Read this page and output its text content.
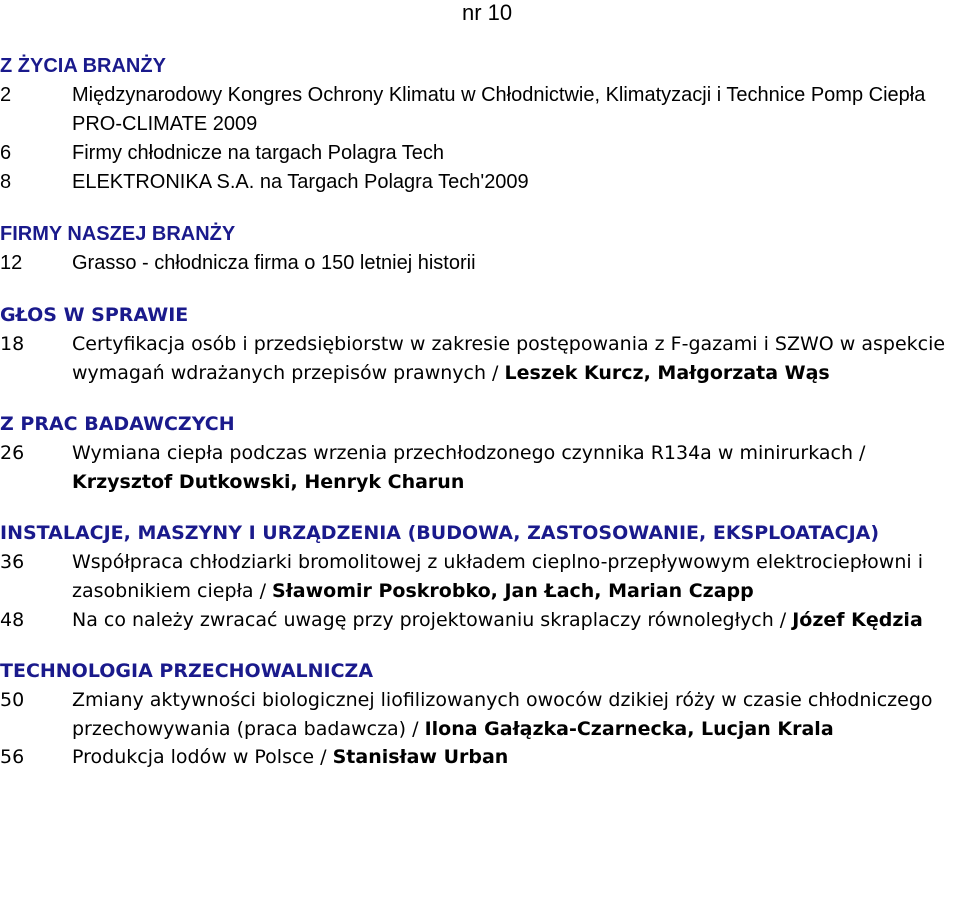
nr 10
Z ŻYCIA BRANŻY
2	Międzynarodowy Kongres Ochrony Klimatu w Chłodnictwie, Klimatyzacji i Technice Pomp Ciepła PRO-CLIMATE 2009
6	Firmy chłodnicze na targach Polagra Tech
8	ELEKTRONIKA S.A. na Targach Polagra Tech'2009
FIRMY NASZEJ BRANŻY
12	Grasso - chłodnicza firma o 150 letniej historii
GŁOS W SPRAWIE
18	Certyfikacja osób i przedsiębiorstw w zakresie postępowania z F-gazami i SZWO w aspekcie wymagań wdrażanych przepisów prawnych / Leszek Kurcz, Małgorzata Wąs
Z PRAC BADAWCZYCH
26	Wymiana ciepła podczas wrzenia przechłodzonego czynnika R134a w minirurkach / Krzysztof Dutkowski, Henryk Charun
INSTALACJE, MASZYNY I URZĄDZENIA (BUDOWA, ZASTOSOWANIE, EKSPLOATACJA)
36	Współpraca chłodziarki bromolitowej z układem cieplno-przepływowym elektrociepłowni i zasobnikiem ciepła / Sławomir Poskrobko, Jan Łach, Marian Czapp
48	Na co należy zwracać uwagę przy projektowaniu skraplaczy równoległych / Józef Kędzia
TECHNOLOGIA PRZECHOWALNICZA
50	Zmiany aktywności biologicznej liofilizowanych owoców dzikiej róży w czasie chłodniczego przechowywania (praca badawcza) / Ilona Gałązka-Czarnecka, Lucjan Krala
56	Produkcja lodów w Polsce / Stanisław Urban
